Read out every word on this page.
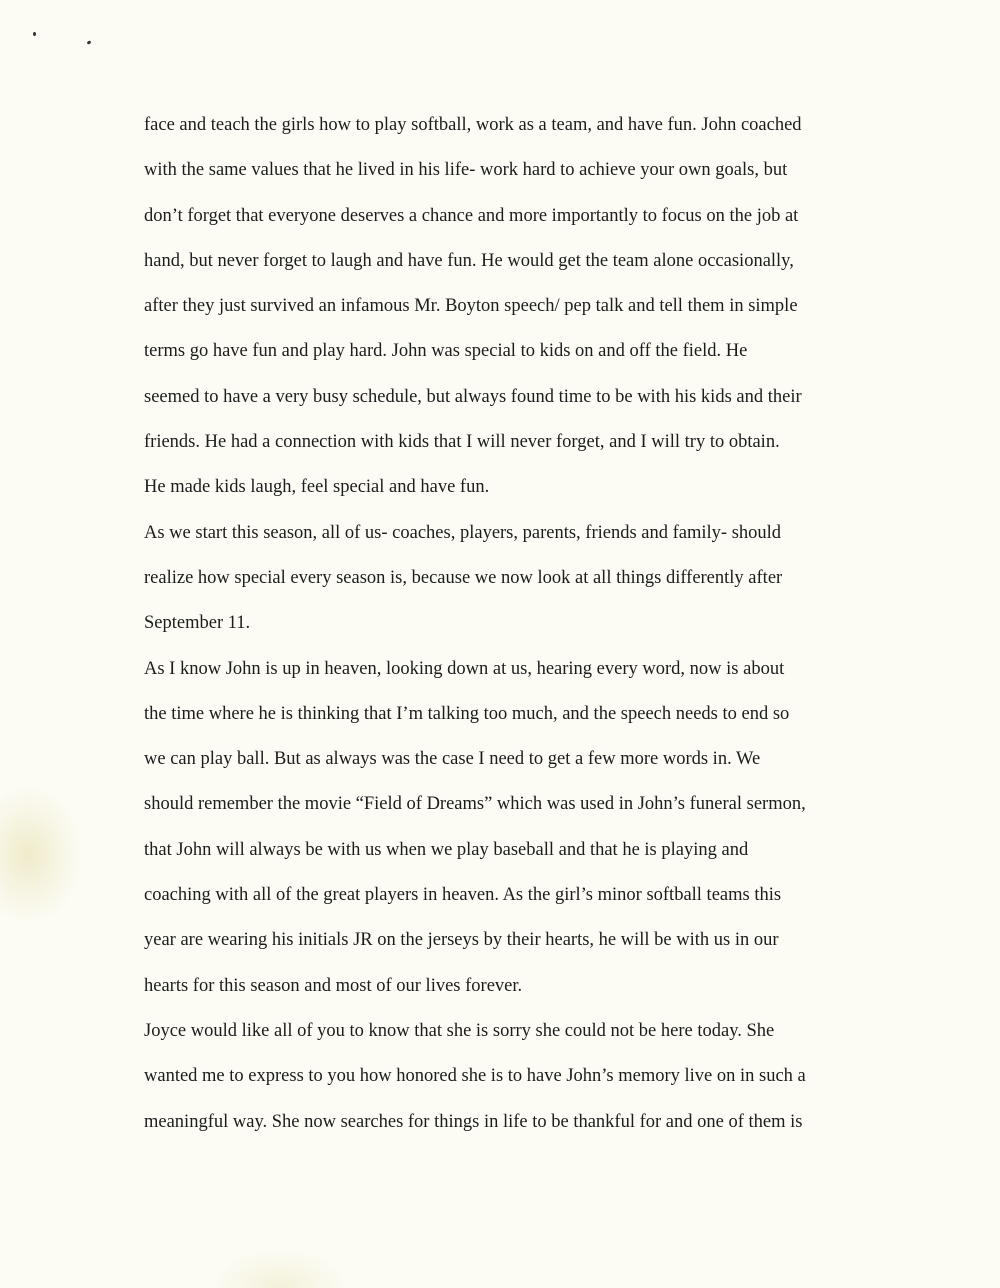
face and teach the girls how to play softball, work as a team, and have fun. John coached
with the same values that he lived in his life- work hard to achieve your own goals, but
don’t forget that everyone deserves a chance and more importantly to focus on the job at
hand, but never forget to laugh and have fun. He would get the team alone occasionally,
after they just survived an infamous Mr. Boyton speech/ pep talk and tell them in simple
terms go have fun and play hard. John was special to kids on and off the field. He
seemed to have a very busy schedule, but always found time to be with his kids and their
friends. He had a connection with kids that I will never forget, and I will try to obtain.
He made kids laugh, feel special and have fun.
As we start this season, all of us- coaches, players, parents, friends and family- should
realize how special every season is, because we now look at all things differently after
September 11.
As I know John is up in heaven, looking down at us, hearing every word, now is about
the time where he is thinking that I’m talking too much, and the speech needs to end so
we can play ball. But as always was the case I need to get a few more words in. We
should remember the movie “Field of Dreams” which was used in John’s funeral sermon,
that John will always be with us when we play baseball and that he is playing and
coaching with all of the great players in heaven. As the girl’s minor softball teams this
year are wearing his initials JR on the jerseys by their hearts, he will be with us in our
hearts for this season and most of our lives forever.
Joyce would like all of you to know that she is sorry she could not be here today. She
wanted me to express to you how honored she is to have John’s memory live on in such a
meaningful way. She now searches for things in life to be thankful for and one of them is
